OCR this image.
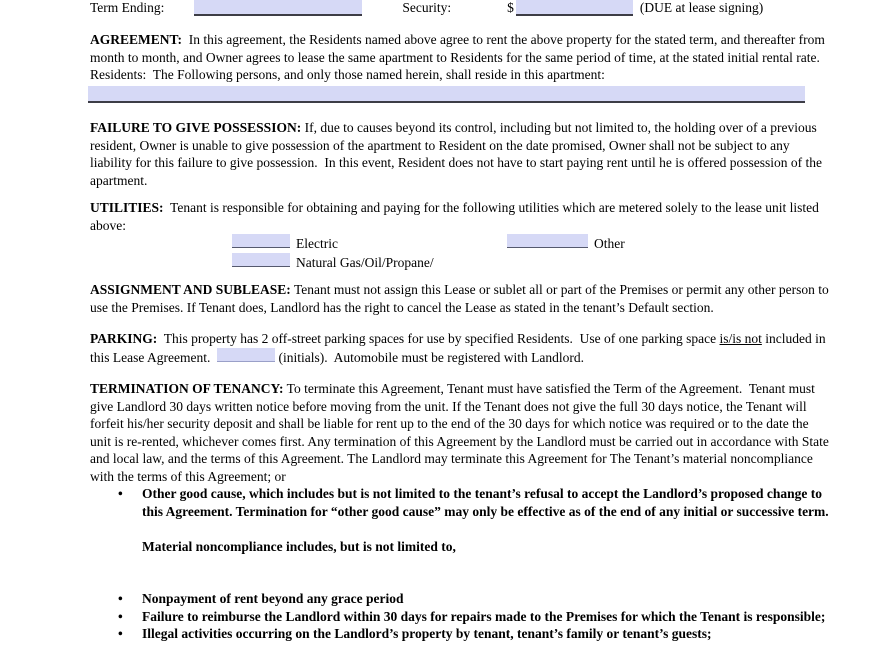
Term Ending:	Security:	$	(DUE at lease signing)

AGREEMENT:  In this agreement, the Residents named above agree to rent the above property for the stated term, and thereafter from month to month, and Owner agrees to lease the same apartment to Residents for the same period of time, at the stated initial rental rate.  Residents:  The Following persons, and only those named herein, shall reside in this apartment:

FAILURE TO GIVE POSSESSION: If, due to causes beyond its control, including but not limited to, the holding over of a previous resident, Owner is unable to give possession of the apartment to Resident on the date promised, Owner shall not be subject to any liability for this failure to give possession.  In this event, Resident does not have to start paying rent until he is offered possession of the apartment.

UTILITIES:  Tenant is responsible for obtaining and paying for the following utilities which are metered solely to the lease unit listed above:

Electric	Other
Natural Gas/Oil/Propane/

ASSIGNMENT AND SUBLEASE: Tenant must not assign this Lease or sublet all or part of the Premises or permit any other person to use the Premises. If Tenant does, Landlord has the right to cancel the Lease as stated in the tenant’s Default section.

PARKING:  This property has 2 off-street parking spaces for use by specified Residents.  Use of one parking space is/is not included in this Lease Agreement.	(initials).  Automobile must be registered with Landlord.

TERMINATION OF TENANCY: To terminate this Agreement, Tenant must have satisfied the Term of the Agreement.  Tenant must give Landlord 30 days written notice before moving from the unit. If the Tenant does not give the full 30 days notice, the Tenant will forfeit his/her security deposit and shall be liable for rent up to the end of the 30 days for which notice was required or to the date the unit is re-rented, whichever comes first. Any termination of this Agreement by the Landlord must be carried out in accordance with State and local law, and the terms of this Agreement. The Landlord may terminate this Agreement for The Tenant’s material noncompliance with the terms of this Agreement; or

• Other good cause, which includes but is not limited to the tenant’s refusal to accept the Landlord’s proposed change to this Agreement. Termination for “other good cause” may only be effective as of the end of any initial or successive term.

Material noncompliance includes, but is not limited to,

• Nonpayment of rent beyond any grace period
• Failure to reimburse the Landlord within 30 days for repairs made to the Premises for which the Tenant is responsible;
• Illegal activities occurring on the Landlord’s property by tenant, tenant’s family or tenant’s guests;
